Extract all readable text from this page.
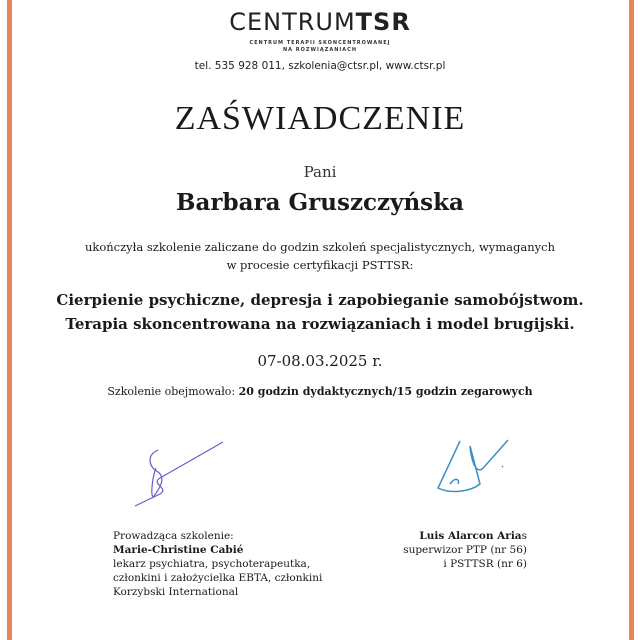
CENTRUMTSR
CENTRUM TERAPII SKONCENTROWANEJ
NA ROZWIĄZANIACH
tel. 535 928 011, szkolenia@ctsr.pl, www.ctsr.pl
ZAŚWIADCZENIE
Pani
Barbara Gruszczyńska
ukończyła szkolenie zaliczane do godzin szkoleń specjalistycznych, wymaganych
w procesie certyfikacji PSTTSR:
Cierpienie psychiczne, depresja i zapobieganie samobójstwom.
Terapia skoncentrowana na rozwiązaniach i model brugijski.
07-08.03.2025 r.
Szkolenie obejmowało: 20 godzin dydaktycznych/15 godzin zegarowych
Prowadząca szkolenie:
Marie-Christine Cabié
lekarz psychiatra, psychoterapeutka,
członkini i założycielka EBTA, członkini
Korzybski International
Luis Alarcon Arias
superwizor PTP (nr 56)
i PSTTSR (nr 6)
